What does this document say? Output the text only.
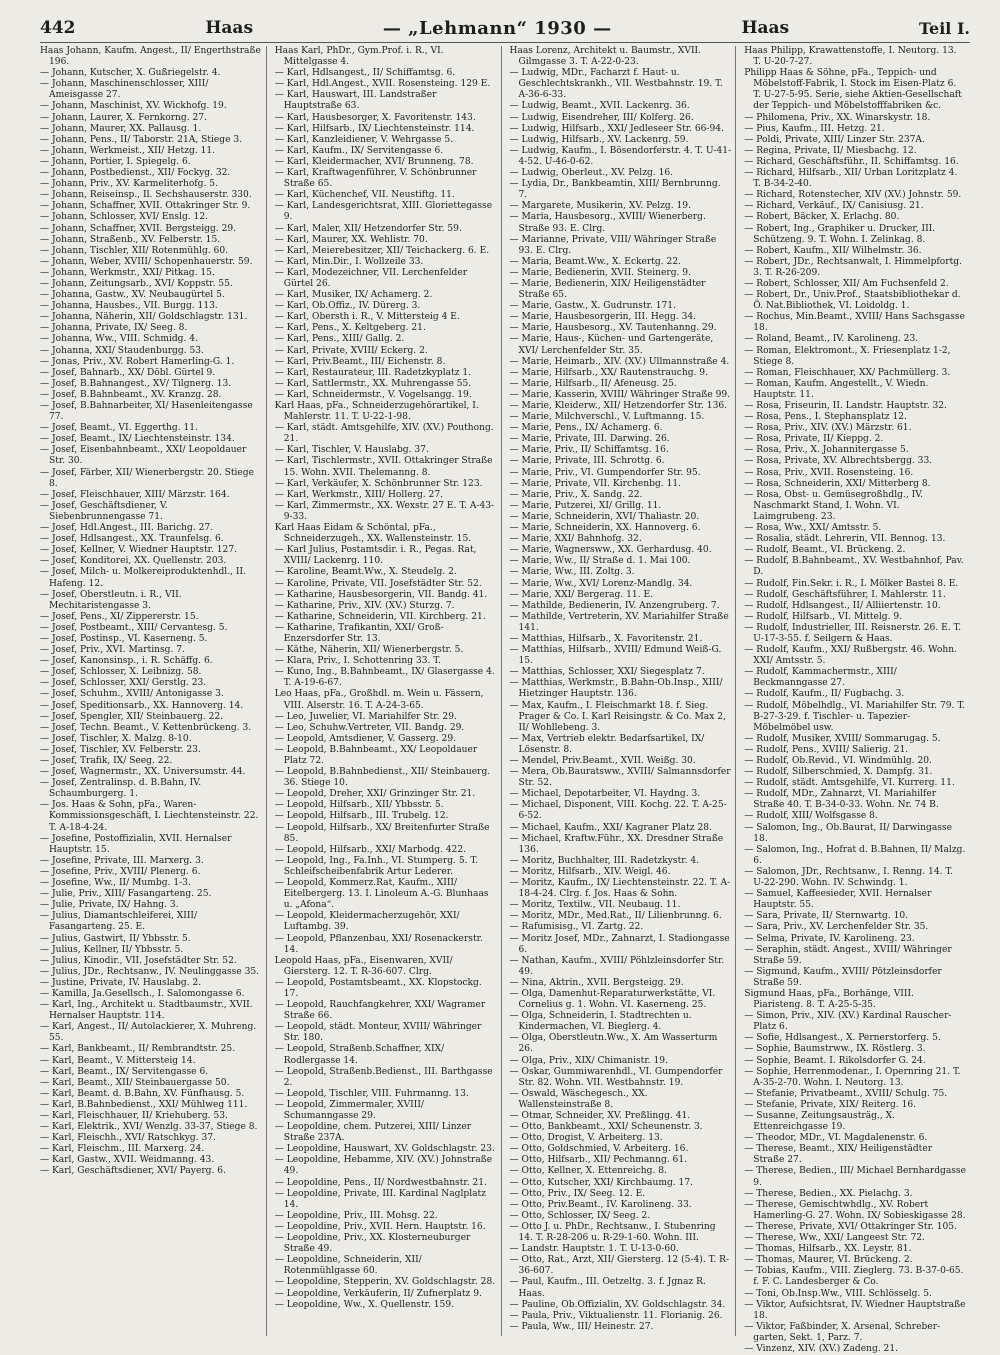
442	Haas	— „Lehmann“ 1930 —	Haas	Teil I.

Haas Johann, Kaufm. Angest., II/ Engerthstraße 196.

— Johann, Kutscher, X. Gußriegelstr. 4.

— Johann, Maschinenschlosser, XIII/ Ameisgasse 27.

— Johann, Maschinist, XV. Wickhofg. 19.

— Johann, Laurer, X. Fernkorng. 27.

— Johann, Maurer, XX. Pallausg. 1.

— Johann, Pens., II/ Taborstr. 21A, Stiege 3.

— Johann, Werkmeist., XII/ Hetzg. 11.

— Johann, Portier, I. Spiegelg. 6.

— Johann, Postbedienst., XII/ Fockyg. 32.

— Johann, Priv., XV. Karmeliterhofg. 5.

— Johann, Reiseinsp., Il. Sechshauserstr. 330.

— Johann, Schaffner, XVII. Ottakringer Str. 9.

— Johann, Schlosser, XVI/ Enslg. 12.

— Johann, Schaffner, XVII. Bergsteigg. 29.

— Johann, Straßenb., XV. Felberstr. 15.

— Johann, Tischler, XII/ Rotenmühlg. 60.

— Johann, Weber, XVIII/ Schopenhauerstr. 59.

— Johann, Werkmstr., XXI/ Pitkag. 15.

— Johann, Zeitungsarb., XVI/ Koppstr. 55.

— Johanna, Gastw., XV. Neubaugürtel 5.

— Johanna, Hausbes., VII. Burgg. 113.

— Johanna, Näherin, XII/ Goldschlagstr. 131.

— Johanna, Private, IX/ Seeg. 8.

— Johanna, Ww., VIII. Schmidg. 4.

— Johanna, XXI/ Staudenburgg. 53.

— Jonas, Priv., XV. Robert Hamerling-G. 1.

— Josef, Bahnarb., XX/ Döbl. Gürtel 9.

— Josef, B.Bahnangest., XV/ Tilgnerg. 13.

— Josef, B.Bahnbeamt., XV. Kranzg. 28.

— Josef, B.Bahnarbeiter, XI/ Hasenleitengasse 77.

— Josef, Beamt., VI. Eggerthg. 11.

— Josef, Beamt., IX/ Liechtensteinstr. 134.

— Josef, Eisenbahnbeamt., XXI/ Leopoldauer Str. 30.

— Josef, Färber, XII/ Wienerbergstr. 20. Stiege 8.

— Josef, Fleischhauer, XIII/ Märzstr. 164.

— Josef, Geschäftsdiener, V. Siebenbrunnengasse 71.

— Josef, Hdl.Angest., III. Barichg. 27.

— Josef, Hdlsangest., XX. Traunfelsg. 6.

— Josef, Kellner, V. Wiedner Hauptstr. 127.

— Josef, Konditorei, XX. Quellenstr. 203.

— Josef, Milch- u. Molkereiproduktenhdl., II. Hafeng. 12.

— Josef, Oberstleutn. i. R., VII. Mechitaristengasse 3.

— Josef, Pens., XI/ Zippererstr. 15.

— Josef, Postbeamt., XIII/ Cervantesg. 5.

— Josef, Postinsp., VI. Kaserneng. 5.

— Josef, Priv., XVI. Martinsg. 7.

— Josef, Kanonsinsp., i. R. Schäffg. 6.

— Josef, Schlosser, X. Leibnizg. 58.

— Josef, Schlosser, XXI/ Gerstlg. 23.

— Josef, Schuhm., XVIII/ Antonigasse 3.

— Josef, Speditionsarb., XX. Hannoverg. 14.

— Josef, Spengler, XII/ Steinbauerg. 22.

— Josef, Techn. Beamt., V. Kettenbrückeng. 3.

— Josef, Tischler, X. Malzg. 8-10.

— Josef, Tischler, XV. Felberstr. 23.

— Josef, Trafik, IX/ Seeg. 22.

— Josef, Wagnermstr., XX. Universumstr. 44.

— Josef, Zentralinsp. d. B.Bahn, IV. Schaumburgerg. 1.

— Jos. Haas & Sohn, pFa., Waren-Kommissionsgeschäft, I. Liechtensteinstr. 22. T. A-18-4-24.

— Josefine, Postoffizialin, XVII. Hernalser Hauptstr. 15.

— Josefine, Private, III. Marxerg. 3.

— Josefine, Priv., XVIII/ Plenerg. 6.

— Josefine, Ww., II/ Mumbg. 1-3.

— Julie, Priv., XIII/ Fasangarteng. 25.

— Julie, Private, IX/ Hahng. 3.

— Julius, Diamantschleiferei, XIII/ Fasangarteng. 25. E.

— Julius, Gastwirt, II/ Ybbsstr. 5.

— Julius, Kellner, II/ Ybbsstr. 5.

— Julius, Kinodir., VII. Josefstädter Str. 52.

— Julius, JDr., Rechtsanw., IV. Neulinggasse 35.

— Justine, Private, IV. Hauslabg. 2.

— Kamilla, Ja.Gesellsch., I. Salomongasse 6.

— Karl, Ing., Architekt u. Stadtbaumstr., XVII. Hernalser Hauptstr. 114.

— Karl, Angest., II/ Autolackierer, X. Muhreng. 55.

— Karl, Bankbeamt., II/ Rembrandtstr. 25.

— Karl, Beamt., V. Mittersteig 14.

— Karl, Beamt., IX/ Servitengasse 6.

— Karl, Beamt., XII/ Steinbauergasse 50.

— Karl, Beamt. d. B.Bahn, XV. Fünfhausg. 5.

— Karl, B.Bahnbedienst., XXI/ Mühlweg 111.

— Karl, Fleischhauer, II/ Kriehuberg. 53.

— Karl, Elektrik., XVI/ Wenzlg. 33-37, Stiege 8.

— Karl, Fleischh., XVI/ Ratschkyg. 37.

— Karl, Fleischm., III. Marxerg. 24.

— Karl, Gastw., XVII. Weidmanng. 43.

— Karl, Geschäftsdiener, XVI/ Payerg. 6.

Haas Karl, PhDr., Gym.Prof. i. R., VI. Mittelgasse 4.

— Karl, Hdlsangest., II/ Schiffamtsg. 6.

— Karl, Hdl.Angest., XVII. Rosensteing. 129 E.

— Karl, Hauswart, III. Landstraßer Hauptstraße 63.

— Karl, Hausbesorger, X. Favoritenstr. 143.

— Karl, Hilfsarb., IX/ Liechtensteinstr. 114.

— Karl, Kanzleidiener, V. Wehrgasse 5.

— Karl, Kaufm., IX/ Servitengasse 6.

— Karl, Kleidermacher, XVI/ Brunneng. 78.

— Karl, Kraftwagenführer, V. Schönbrunner Straße 65.

— Karl, Küchenchef, VII. Neustiftg. 11.

— Karl, Landesgerichtsrat, XIII. Gloriettegasse 9.

— Karl, Maler, XII/ Hetzendorfer Str. 59.

— Karl, Maurer, XX. Wehlistr. 70.

— Karl, Meierebesitzer, XII/ Teichackerg. 6. E.

— Karl, Min.Dir., I. Wollzeile 33.

— Karl, Modezeichner, VII. Lerchenfelder Gürtel 26.

— Karl, Musiker, IX/ Achamerg. 2.

— Karl, Ob.Offiz., IV. Dürerg. 3.

— Karl, Obersth i. R., V. Mittersteig 4 E.

— Karl, Pens., X. Keltgeberg. 21.

— Karl, Pens., XIII/ Gallg. 2.

— Karl, Private, XVIII/ Eckerg. 2.

— Karl, Priv.Beamt., III/ Eichenstr. 8.

— Karl, Restaurateur, III. Radetzkyplatz 1.

— Karl, Sattlermstr., XX. Muhrengasse 55.

— Karl, Schneidermstr., V. Vogelsangg. 19.

Karl Haas, pFa., Schneiderzugehörartikel, I. Mahlerstr. 11. T. U-22-1-98.

— Karl, städt. Amtsgehilfe, XIV. (XV.) Pouthong. 21.

— Karl, Tischler, V. Hauslabg. 37.

— Karl, Tischlermstr., XVII. Ottakringer Straße 15. Wohn. XVII. Thelemanng. 8.

— Karl, Verkäufer, X. Schönbrunner Str. 123.

— Karl, Werkmstr., XIII/ Hollerg. 27.

— Karl, Zimmermstr., XX. Wexstr. 27 E. T. A-43-9-33.

Karl Haas Eidam & Schöntal, pFa., Schneiderzugeh., XX. Wallensteinstr. 15.

— Karl Julius, Postamtsdir. i. R., Pegas. Rat, XVIII/ Lackenrg. 110.

— Karoline, Beamt.Ww., X. Steudelg. 2.

— Karoline, Private, VII. Josefstädter Str. 52.

— Katharine, Hausbesorgerin, VII. Bandg. 41.

— Katharine, Priv., XIV. (XV.) Sturzg. 7.

— Katharine, Schneiderin, VII. Kirchberg. 21.

— Katharine, Trafikantin, XXI/ Groß-Enzersdorfer Str. 13.

— Käthe, Näherin, XII/ Wienerbergstr. 5.

— Klara, Priv., I. Schottenring 33. T.

— Kuno, Ing., B.Bahnbeamt., IX/ Glasergasse 4. T. A-19-6-67.

Leo Haas, pFa., Großhdl. m. Wein u. Fässern, VIII. Alserstr. 16. T. A-24-3-65.

— Leo, Juwelier, VI. Mariahilfer Str. 29.

— Leo, Schuhw.Vertreter, VII. Bandg. 29.

— Leopold, Amtsdiener, V. Gasserg. 29.

— Leopold, B.Bahnbeamt., XX/ Leopoldauer Platz 72.

— Leopold, B.Bahnbedienst., XII/ Steinbauerg. 36. Stiege 10.

— Leopold, Dreher, XXI/ Grinzinger Str. 21.

— Leopold, Hilfsarb., XII/ Ybbsstr. 5.

— Leopold, Hilfsarb., III. Trubelg. 12.

— Leopold, Hilfsarb., XX/ Breitenfurter Straße 85.

— Leopold, Hilfsarb., XXI/ Marbodg. 422.

— Leopold, Ing., Fa.Inh., VI. Stumperg. 5. T. Schleifscheibenfabrik Artur Lederer.

— Leopold, Kommerz.Rat, Kaufm., XIII/ Eitelbergerg. 13. I. Linoleum A.-G. Blunhaas u. „Afona“.

— Leopold, Kleidermacherzugehör, XXI/ Luftambg. 39.

— Leopold, Pflanzenbau, XXI/ Rosenackerstr. 14.

Leopold Haas, pFa., Eisenwaren, XVII/ Giersterg. 12. T. R-36-607. Clrg.

— Leopold, Postamtsbeamt., XX. Klopstockg. 17.

— Leopold, Rauchfangkehrer, XXI/ Wagramer Straße 66.

— Leopold, städt. Monteur, XVIII/ Währinger Str. 180.

— Leopold, Straßenb.Schaffner, XIX/ Rodlergasse 14.

— Leopold, Straßenb.Bedienst., III. Barthgasse 2.

— Leopold, Tischler, VIII. Fuhrmanng. 13.

— Leopold, Zimmermaler, XVIII/ Schumanngasse 29.

— Leopoldine, chem. Putzerei, XIII/ Linzer Straße 237A.

— Leopoldine, Hauswart, XV. Goldschlagstr. 23.

— Leopoldine, Hebamme, XIV. (XV.) Johnstraße 49.

— Leopoldine, Pens., II/ Nordwestbahnstr. 21.

— Leopoldine, Private, III. Kardinal Naglplatz 14.

— Leopoldine, Priv., III. Mohsg. 22.

— Leopoldine, Priv., XVII. Hern. Hauptstr. 16.

— Leopoldine, Priv., XX. Klosterneuburger Straße 49.

— Leopoldine, Schneiderin, XII/ Rotenmühlgasse 60.

— Leopoldine, Stepperin, XV. Goldschlagstr. 28.

— Leopoldine, Verkäuferin, II/ Zufnerplatz 9.

— Leopoldine, Ww., X. Quellenstr. 159.

Haas Lorenz, Architekt u. Baumstr., XVII. Gilmgasse 3. T. A-22-0-23.

— Ludwig, MDr., Facharzt f. Haut- u. Geschlechtskrankh., VII. Westbahnstr. 19. T. A-36-6-33.

— Ludwig, Beamt., XVII. Lackenrg. 36.

— Ludwig, Eisendreher, III/ Kolferg. 26.

— Ludwig, Hilfsarb., XXI/ Jedleseer Str. 66-94.

— Ludwig, Hilfsarb., XV. Lackenrg. 59.

— Ludwig, Kaufm., I. Bösendorferstr. 4. T. U-41-4-52. U-46-0-62.

— Ludwig, Oberleut., XV. Pelzg. 16.

— Lydia, Dr., Bankbeamtin, XIII/ Bernbrunng. 7.

— Margarete, Musikerin, XV. Pelzg. 19.

— Maria, Hausbesorg., XVIII/ Wienerberg. Straße 93. E. Clrg.

— Marianne, Private, VIII/ Währinger Straße 93. E. Clrg.

— Maria, Beamt.Ww., X. Eckertg. 22.

— Marie, Bedienerin, XVII. Steinerg. 9.

— Marie, Bedienerin, XIX/ Heiligenstädter Straße 65.

— Marie, Gastw., X. Gudrunstr. 171.

— Marie, Hausbesorgerin, III. Hegg. 34.

— Marie, Hausbesorg., XV. Tautenhanng. 29.

— Marie, Haus-, Küchen- und Gartengeräte, XVI/ Lerchenfelder Str. 35.

— Marie, Heimarb., XIV. (XV.) Ullmannstraße 4.

— Marie, Hilfsarb., XX/ Rautenstrauchg. 9.

— Marie, Hilfsarb., II/ Afeneusg. 25.

— Marie, Kasserin, XVIII/ Währinger Straße 99.

— Marie, Kleiderw., XII/ Hetzendorfer Str. 136.

— Marie, Milchverschl., V. Luftmanng. 15.

— Marie, Pens., IX/ Achamerg. 6.

— Marie, Private, III. Darwing. 26.

— Marie, Priv., II/ Schiffamtsg. 16.

— Marie, Private, III. Schrottg. 6.

— Marie, Priv., VI. Gumpendorfer Str. 95.

— Marie, Private, VII. Kirchenbg. 11.

— Marie, Priv., X. Sandg. 22.

— Marie, Putzerei, XI/ Grillg. 11.

— Marie, Schneiderin, XVI/ Thaliastr. 20.

— Marie, Schneiderin, XX. Hannoverg. 6.

— Marie, XXI/ Bahnhofg. 32.

— Marie, Wagnersww., XX. Gerhardusg. 40.

— Marie, Ww., II/ Straße d. 1. Mai 100.

— Marie, Ww., III. Zoltg. 3.

— Marie, Ww., XVI/ Lorenz-Mandlg. 34.

— Marie, XXI/ Bergerag. 11. E.

— Mathilde, Bedienerin, IV. Anzengruberg. 7.

— Mathilde, Vertreterin, XV. Mariahilfer Straße 141.

— Matthias, Hilfsarb., X. Favoritenstr. 21.

— Matthias, Hilfsarb., XVIII/ Edmund Weiß-G. 15.

— Matthias, Schlosser, XXI/ Siegesplatz 7.

— Matthias, Werkmstr., B.Bahn-Ob.Insp., XIII/ Hietzinger Hauptstr. 136.

— Max, Kaufm., I. Fleischmarkt 18. f. Sieg. Prager & Co. I. Karl Reisingstr. & Co. Max 2, II/ Wohllebeng. 3.

— Max, Vertrieb elektr. Bedarfsartikel, IX/ Lösenstr. 8.

— Mendel, Priv.Beamt., XVII. Weißg. 30.

— Mera, Ob.Bauratsww., XVIII/ Salmannsdorfer Str. 52.

— Michael, Depotarbeiter, VI. Haydng. 3.

— Michael, Disponent, VIII. Kochg. 22. T. A-25-6-52.

— Michael, Kaufm., XXI/ Kagraner Platz 28.

— Michael, Kraftw.Führ., XX. Dresdner Straße 136.

— Moritz, Buchhalter, III. Radetzkystr. 4.

— Moritz, Hilfsarb., XIV. Weigl. 46.

— Moritz, Kaufm., IX/ Liechtensteinstr. 22. T. A-18-4-24. Clrg. f. Jos. Haas & Sohn.

— Moritz, Textilw., VII. Neubaug. 11.

— Moritz, MDr., Med.Rat., II/ Lilienbrunng. 6.

— Rafumisisg., VI. Zartg. 22.

— Moritz Josef, MDr., Zahnarzt, I. Stadiongasse 6.

— Nathan, Kaufm., XVIII/ Pöhlzleinsdorfer Str. 49.

— Nina, Aktrin., XVII. Bergsteigg. 29.

— Olga, Damenhut-Reparaturwerkstätte, VI. Cornelius g. 1. Wohn. VI. Kaserneng. 25.

— Olga, Schneiderin, I. Stadtrechten u. Kindermachen, VI. Bieglerg. 4.

— Olga, Oberstleutn.Ww., X. Am Wasserturm 26.

— Olga, Priv., XIX/ Chimanistr. 19.

— Oskar, Gummiwarenhdl., VI. Gumpendorfer Str. 82. Wohn. VII. Westbahnstr. 19.

— Oswald, Wäschegesch., XX. Wallensteinstraße 8.

— Otmar, Schneider, XV. Preßlingg. 41.

— Otto, Bankbeamt., XXI/ Scheunenstr. 3.

— Otto, Drogist, V. Arbeiterg. 13.

— Otto, Goldschmied, V. Arbeiterg. 16.

— Otto, Hilfsarb., XII/ Pechmanng. 61.

— Otto, Kellner, X. Ettenreichg. 8.

— Otto, Kutscher, XXI/ Kirchbaumg. 17.

— Otto, Priv., IX/ Seeg. 12. E.

— Otto, Priv.Beamt., IV. Karolineng. 33.

— Otto, Schlosser, IX/ Seeg. 2.

— Otto J. u. PhDr., Rechtsanw., I. Stubenring 14. T. R-28-206 u. R-29-1-60. Wohn. III.

— Landstr. Hauptstr. 1. T. U-13-0-60.

— Otto, Rat., Arzt, XII/ Giersterg. 12 (5-4). T. R-36-607.

— Paul, Kaufm., III. Oetzeltg. 3. f. Jgnaz R. Haas.

— Pauline, Ob.Offizialin, XV. Goldschlagstr. 34.

— Paula, Priv., Viktualienstr. 11. Florianig. 26.

— Paula, Ww., III/ Heinestr. 27.

Haas Philipp, Krawattenstoffe, I. Neutorg. 13. T. U-20-7-27.

Philipp Haas & Söhne, pFa., Teppich- und Möbelstoff-Fabrik, I. Stock im Eisen-Platz 6. T. U-27-5-95. Serie, siehe Aktien-Gesellschaft der Teppich- und Möbelstofffabriken &c.

— Philomena, Priv., XX. Winarskystr. 18.

— Pius, Kaufm., III. Hetzg. 21.

— Poldi, Private, XIII/ Linzer Str. 237A.

— Regina, Private, II/ Miesbachg. 12.

— Richard, Geschäftsführ., II. Schiffamtsg. 16.

— Richard, Hilfsarb., XII/ Urban Loritzplatz 4. T. B-34-2-40.

— Richard, Rotenstecher, XIV (XV.) Johnstr. 59.

— Richard, Verkäuf., IX/ Canisiusg. 21.

— Robert, Bäcker, X. Erlachg. 80.

— Robert, Ing., Graphiker u. Drucker, III. Schützeng. 9. T. Wohn. I. Zelinkag. 8.

— Robert, Kaufm., XII/ Wilhelmstr. 36.

— Robert, JDr., Rechtsanwalt, I. Himmelpfortg. 3. T. R-26-209.

— Robert, Schlosser, XII/ Am Fuchsenfeld 2.

— Robert, Dr., Univ.Prof., Staatsbibliothekar d. Ö. Nat.Bibliothek, VI. Loidoldg. 1.

— Rochus, Min.Beamt., XVIII/ Hans Sachsgasse 18.

— Roland, Beamt., IV. Karolineng. 23.

— Roman, Elektromont., X. Friesenplatz 1-2, Stiege 8.

— Roman, Fleischhauer, XX/ Pachmüllerg. 3.

— Roman, Kaufm. Angestellt., V. Wiedn. Hauptstr. 11.

— Rosa, Friseurin, II. Landstr. Hauptstr. 32.

— Rosa, Pens., I. Stephansplatz 12.

— Rosa, Priv., XIV. (XV.) Märzstr. 61.

— Rosa, Private, II/ Kieppg. 2.

— Rosa, Priv., X. Johannitergasse 5.

— Rosa, Private, XV. Albrechtsbergg. 33.

— Rosa, Priv., XVII. Rosensteing. 16.

— Rosa, Schneiderin, XXI/ Mitterberg 8.

— Rosa, Obst- u. Gemüsegroßhdlg., IV. Naschmarkt Stand, I. Wohn. VI. Laimgrubeng. 23.

— Rosa, Ww., XXI/ Amtsstr. 5.

— Rosalia, städt. Lehrerin, VII. Bennog. 13.

— Rudolf, Beamt., VI. Brückeng. 2.

— Rudolf, B.Bahnbeamt., XV. Westbahnhof, Pav. D.

— Rudolf, Fin.Sekr. i. R., I. Mölker Bastei 8. E.

— Rudolf, Geschäftsführer, I. Mahlerstr. 11.

— Rudolf, Hdlsangest., II/ Alliiertenstr. 10.

— Rudolf, Hilfsarb., VI. Mittelg. 9.

— Rudolf, Industrieller, III. Reisnerstr. 26. E. T. U-17-3-55. f. Seilgern & Haas.

— Rudolf, Kaufm., XXI/ Rußbergstr. 46. Wohn. XXI/ Amtsstr. 5.

— Rudolf, Kammachermstr., XIII/ Beckmanngasse 27.

— Rudolf, Kaufm., II/ Fugbachg. 3.

— Rudolf, Möbelhdlg., VI. Mariahilfer Str. 79. T. B-27-3-29. f. Tischler- u. Tapezier-Möbelmöbel usw.

— Rudolf, Musiker, XVIII/ Sommarugag. 5.

— Rudolf, Pens., XVIII/ Salierig. 21.

— Rudolf, Ob.Revid., VI. Windmühlg. 20.

— Rudolf, Silberschmied, X. Dampfg. 31.

— Rudolf, städt. Amtsgehilfe, VI. Kurrerg. 11.

— Rudolf, MDr., Zahnarzt, VI. Mariahilfer Straße 40. T. B-34-0-33. Wohn. Nr. 74 B.

— Rudolf, XIII/ Wolfsgasse 8.

— Salomon, Ing., Ob.Baurat, II/ Darwingasse 18.

— Salomon, Ing., Hofrat d. B.Bahnen, II/ Malzg. 6.

— Salomon, JDr., Rechtsanw., I. Renng. 14. T. U-22-290. Wohn. IV. Schwindg. 1.

— Samuel, Kaffeesieder, XVII. Hernalser Hauptstr. 55.

— Sara, Private, II/ Sternwartg. 10.

— Sara, Priv., XV. Lerchenfelder Str. 35.

— Selma, Private, IV. Karolineng. 23.

— Seraphin, städt. Angest., XVIII/ Währinger Straße 59.

— Sigmund, Kaufm., XVIII/ Pötzleinsdorfer Straße 59.

Sigmund Haas, pFa., Borhänge, VIII. Piaristeng. 8. T. A-25-5-35.

— Simon, Priv., XIV. (XV.) Kardinal Rauscher-Platz 6.

— Sofie, Hdlsangest., X. Pernerstorferg. 5.

— Sophie, Baumstrww., IX. Röstlerg. 3.

— Sophie, Beamt. I. Rikolsdorfer G. 24.

— Sophie, Herrenmodenar., I. Opernring 21. T. A-35-2-70. Wohn. I. Neutorg. 13.

— Stefanie, Privatbeamt., XVIII/ Schulg. 75.

— Stefanie, Private, XIX/ Reiterg. 16.

— Susanne, Zeitungsausträg., X. Ettenreichgasse 19.

— Theodor, MDr., VI. Magdalenenstr. 6.

— Therese, Beamt., XIX/ Heiligenstädter Straße 27.

— Therese, Bedien., III/ Michael Bernhardgasse 9.

— Therese, Bedien., XX. Pielachg. 3.

— Therese, Gemischtwhdlg., XV. Robert Hamerling-G. 27. Wohn. IX/ Sobieskigasse 28.

— Therese, Private, XVI/ Ottakringer Str. 105.

— Therese, Ww., XXI/ Langeest Str. 72.

— Thomas, Hilfsarb., XX. Leystr. 81.

— Thomas, Maurer, VI. Brückeng. 2.

— Tobias, Kaufm., VIII. Zieglerg. 73. B-37-0-65. f. F. C. Landesberger & Co.

— Toni, Ob.Insp.Ww., VIII. Schlösselg. 5.

— Viktor, Aufsichtsrat, IV. Wiedner Hauptstraße 18.

— Viktor, Faßbinder, X. Arsenal, Schreber-garten, Sekt. 1, Parz. 7.

— Vinzenz, XIV. (XV.) Zadeng. 21.
